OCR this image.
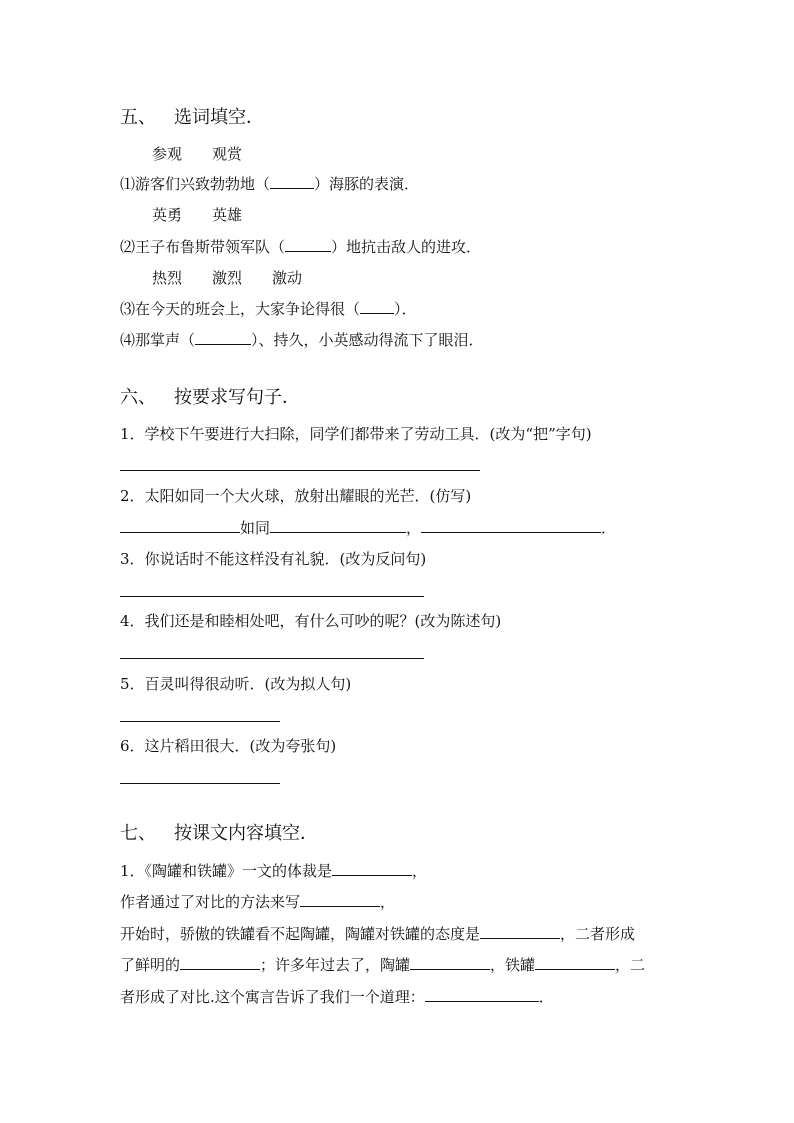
五、 选词填空．
参观 观赏
⑴游客们兴致勃勃地（	）海豚的表演．
英勇 英雄
⑵王子布鲁斯带领军队（	）地抗击敌人的进攻．
热烈 激烈 激动
⑶在今天的班会上，大家争论得很（ ）．
⑷那掌声（	）、持久，小英感动得流下了眼泪．
六、 按要求写句子．
1．学校下午要进行大扫除，同学们都带来了劳动工具．(改为“把”字句)
2．太阳如同一个大火球，放射出耀眼的光芒．(仿写)
如同	，	．
3．你说话时不能这样没有礼貌．(改为反问句)
4．我们还是和睦相处吧，有什么可吵的呢？(改为陈述句)
5．百灵叫得很动听．(改为拟人句)
6．这片稻田很大．(改为夸张句)
七、 按课文内容填空．
1．《陶罐和铁罐》一文的体裁是	，
作者通过了对比的方法来写	，
开始时，骄傲的铁罐看不起陶罐，陶罐对铁罐的态度是	，二者形成
了鲜明的	；许多年过去了，陶罐	，铁罐	，二
者形成了对比.这个寓言告诉了我们一个道理：	．
